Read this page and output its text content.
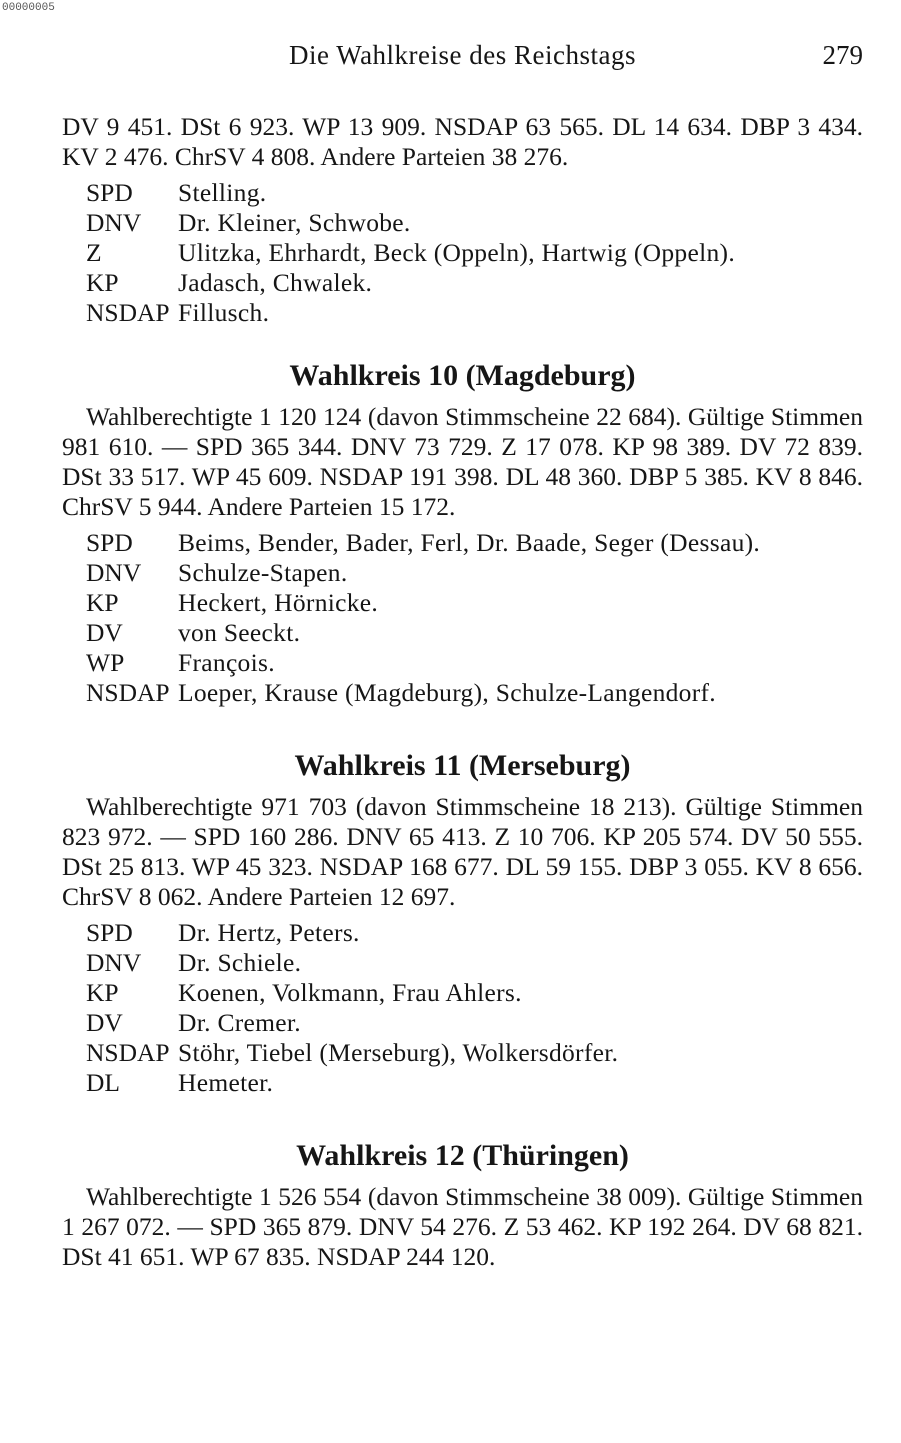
00000005
Die Wahlkreise des Reichstags	279

DV 9 451. DSt 6 923. WP 13 909. NSDAP 63 565. DL 14 634. DBP 3 434. KV 2 476. ChrSV 4 808. Andere Parteien 38 276.

SPD	Stelling.
DNV	Dr. Kleiner, Schwobe.
Z	Ulitzka, Ehrhardt, Beck (Oppeln), Hartwig (Oppeln).
KP	Jadasch, Chwalek.
NSDAP Fillusch.
Wahlkreis 10 (Magdeburg)

Wahlberechtigte 1 120 124 (davon Stimmscheine 22 684). Gültige Stimmen 981 610. — SPD 365 344. DNV 73 729. Z 17 078. KP 98 389. DV 72 839. DSt 33 517. WP 45 609. NSDAP 191 398. DL 48 360. DBP 5 385. KV 8 846. ChrSV 5 944. Andere Parteien 15 172.

SPD	Beims, Bender, Bader, Ferl, Dr. Baade, Seger (Dessau).
DNV	Schulze-Stapen.
KP	Heckert, Hörnicke.
DV	von Seeckt.
WP	François.
NSDAP Loeper, Krause (Magdeburg), Schulze-Langendorf.
Wahlkreis 11 (Merseburg)

Wahlberechtigte 971 703 (davon Stimmscheine 18 213). Gültige Stimmen 823 972. — SPD 160 286. DNV 65 413. Z 10 706. KP 205 574. DV 50 555. DSt 25 813. WP 45 323. NSDAP 168 677. DL 59 155. DBP 3 055. KV 8 656. ChrSV 8 062. Andere Parteien 12 697.

SPD	Dr. Hertz, Peters.
DNV	Dr. Schiele.
KP	Koenen, Volkmann, Frau Ahlers.
DV	Dr. Cremer.
NSDAP Stöhr, Tiebel (Merseburg), Wolkersdörfer.
DL	Hemeter.
Wahlkreis 12 (Thüringen)

Wahlberechtigte 1 526 554 (davon Stimmscheine 38 009). Gültige Stimmen 1 267 072. — SPD 365 879. DNV 54 276. Z 53 462. KP 192 264. DV 68 821. DSt 41 651. WP 67 835. NSDAP 244 120.
